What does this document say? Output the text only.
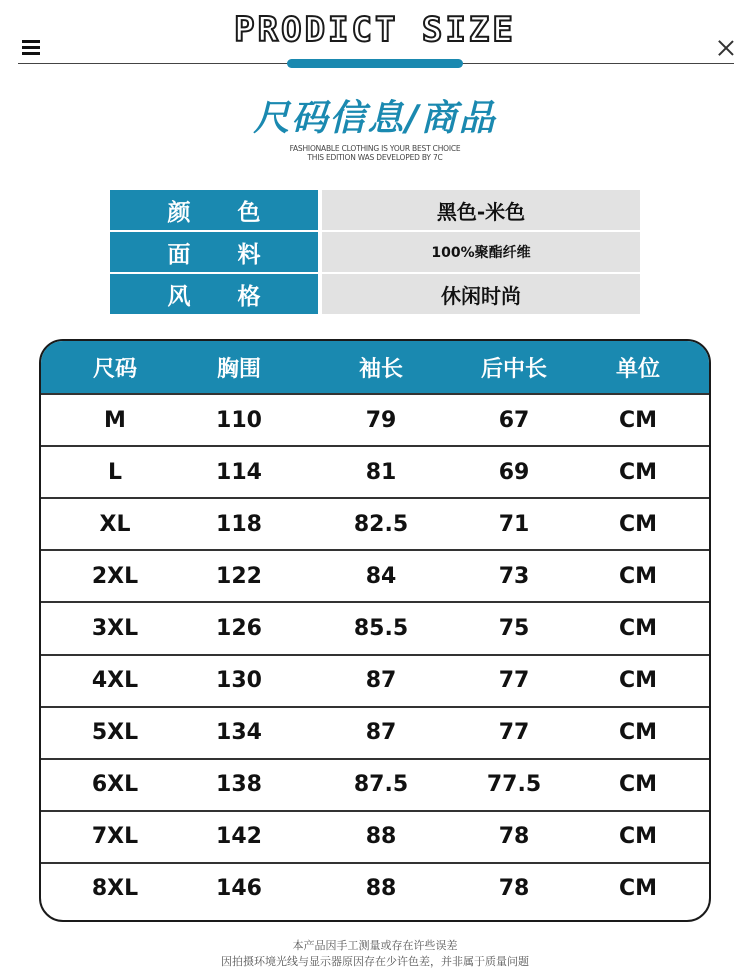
PRODICT SIZE
尺码信息/商品
FASHIONABLE CLOTHING IS YOUR BEST CHOICE
THIS EDITION WAS DEVELOPED BY 7C
颜 色	黑色-米色
面 料	100%聚酯纤维
风 格	休闲时尚
尺码	胸围	袖长	后中长	单位
M	110	79	67	CM
L	114	81	69	CM
XL	118	82.5	71	CM
2XL	122	84	73	CM
3XL	126	85.5	75	CM
4XL	130	87	77	CM
5XL	134	87	77	CM
6XL	138	87.5	77.5	CM
7XL	142	88	78	CM
8XL	146	88	78	CM
本产品因手工测量或存在许些误差
因拍摄环境光线与显示器原因存在少许色差，并非属于质量问题
